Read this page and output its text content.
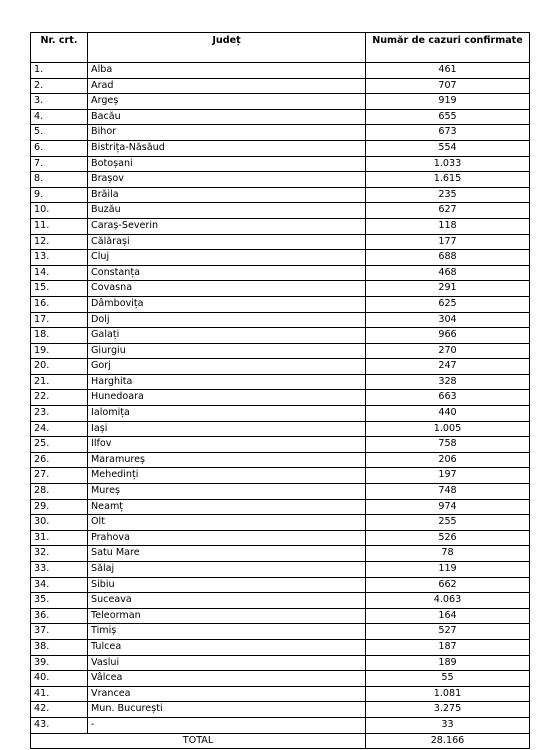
Nr. crt.	Județ	Număr de cazuri confirmate
1.	Alba	461
2.	Arad	707
3.	Argeș	919
4.	Bacău	655
5.	Bihor	673
6.	Bistrița-Năsăud	554
7.	Botoșani	1.033
8.	Brașov	1.615
9.	Brăila	235
10.	Buzău	627
11.	Caraș-Severin	118
12.	Călărași	177
13.	Cluj	688
14.	Constanța	468
15.	Covasna	291
16.	Dâmbovița	625
17.	Dolj	304
18.	Galați	966
19.	Giurgiu	270
20.	Gorj	247
21.	Harghita	328
22.	Hunedoara	663
23.	Ialomița	440
24.	Iași	1.005
25.	Ilfov	758
26.	Maramureș	206
27.	Mehedinți	197
28.	Mureș	748
29.	Neamț	974
30.	Olt	255
31.	Prahova	526
32.	Satu Mare	78
33.	Sălaj	119
34.	Sibiu	662
35.	Suceava	4.063
36.	Teleorman	164
37.	Timiș	527
38.	Tulcea	187
39.	Vaslui	189
40.	Vâlcea	55
41.	Vrancea	1.081
42.	Mun. București	3.275
43.	-	33
TOTAL		28.166
